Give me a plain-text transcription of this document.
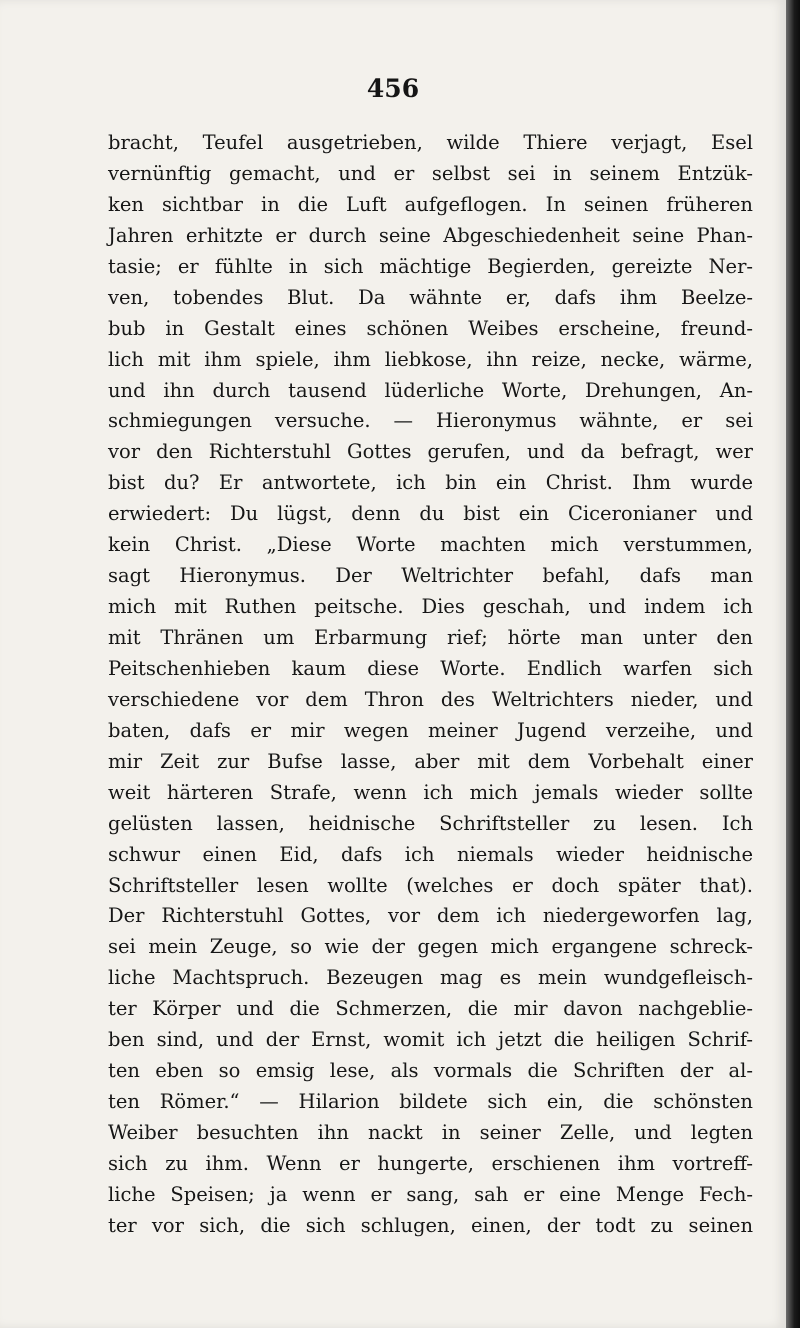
456
bracht, Teufel ausgetrieben, wilde Thiere verjagt, Esel
vernünftig gemacht, und er selbst sei in seinem Entzük-
ken sichtbar in die Luft aufgeflogen. In seinen früheren
Jahren erhitzte er durch seine Abgeschiedenheit seine Phan-
tasie; er fühlte in sich mächtige Begierden, gereizte Ner-
ven, tobendes Blut. Da wähnte er, dafs ihm Beelze-
bub in Gestalt eines schönen Weibes erscheine, freund-
lich mit ihm spiele, ihm liebkose, ihn reize, necke, wärme,
und ihn durch tausend lüderliche Worte, Drehungen, An-
schmiegungen versuche. — Hieronymus wähnte, er sei
vor den Richterstuhl Gottes gerufen, und da befragt, wer
bist du? Er antwortete, ich bin ein Christ. Ihm wurde
erwiedert: Du lügst, denn du bist ein Ciceronianer und
kein Christ. „Diese Worte machten mich verstummen,
sagt Hieronymus. Der Weltrichter befahl, dafs man
mich mit Ruthen peitsche. Dies geschah, und indem ich
mit Thränen um Erbarmung rief; hörte man unter den
Peitschenhieben kaum diese Worte. Endlich warfen sich
verschiedene vor dem Thron des Weltrichters nieder, und
baten, dafs er mir wegen meiner Jugend verzeihe, und
mir Zeit zur Bufse lasse, aber mit dem Vorbehalt einer
weit härteren Strafe, wenn ich mich jemals wieder sollte
gelüsten lassen, heidnische Schriftsteller zu lesen. Ich
schwur einen Eid, dafs ich niemals wieder heidnische
Schriftsteller lesen wollte (welches er doch später that).
Der Richterstuhl Gottes, vor dem ich niedergeworfen lag,
sei mein Zeuge, so wie der gegen mich ergangene schreck-
liche Machtspruch. Bezeugen mag es mein wundgefleisch-
ter Körper und die Schmerzen, die mir davon nachgeblie-
ben sind, und der Ernst, womit ich jetzt die heiligen Schrif-
ten eben so emsig lese, als vormals die Schriften der al-
ten Römer.“ — Hilarion bildete sich ein, die schönsten
Weiber besuchten ihn nackt in seiner Zelle, und legten
sich zu ihm. Wenn er hungerte, erschienen ihm vortreff-
liche Speisen; ja wenn er sang, sah er eine Menge Fech-
ter vor sich, die sich schlugen, einen, der todt zu seinen
